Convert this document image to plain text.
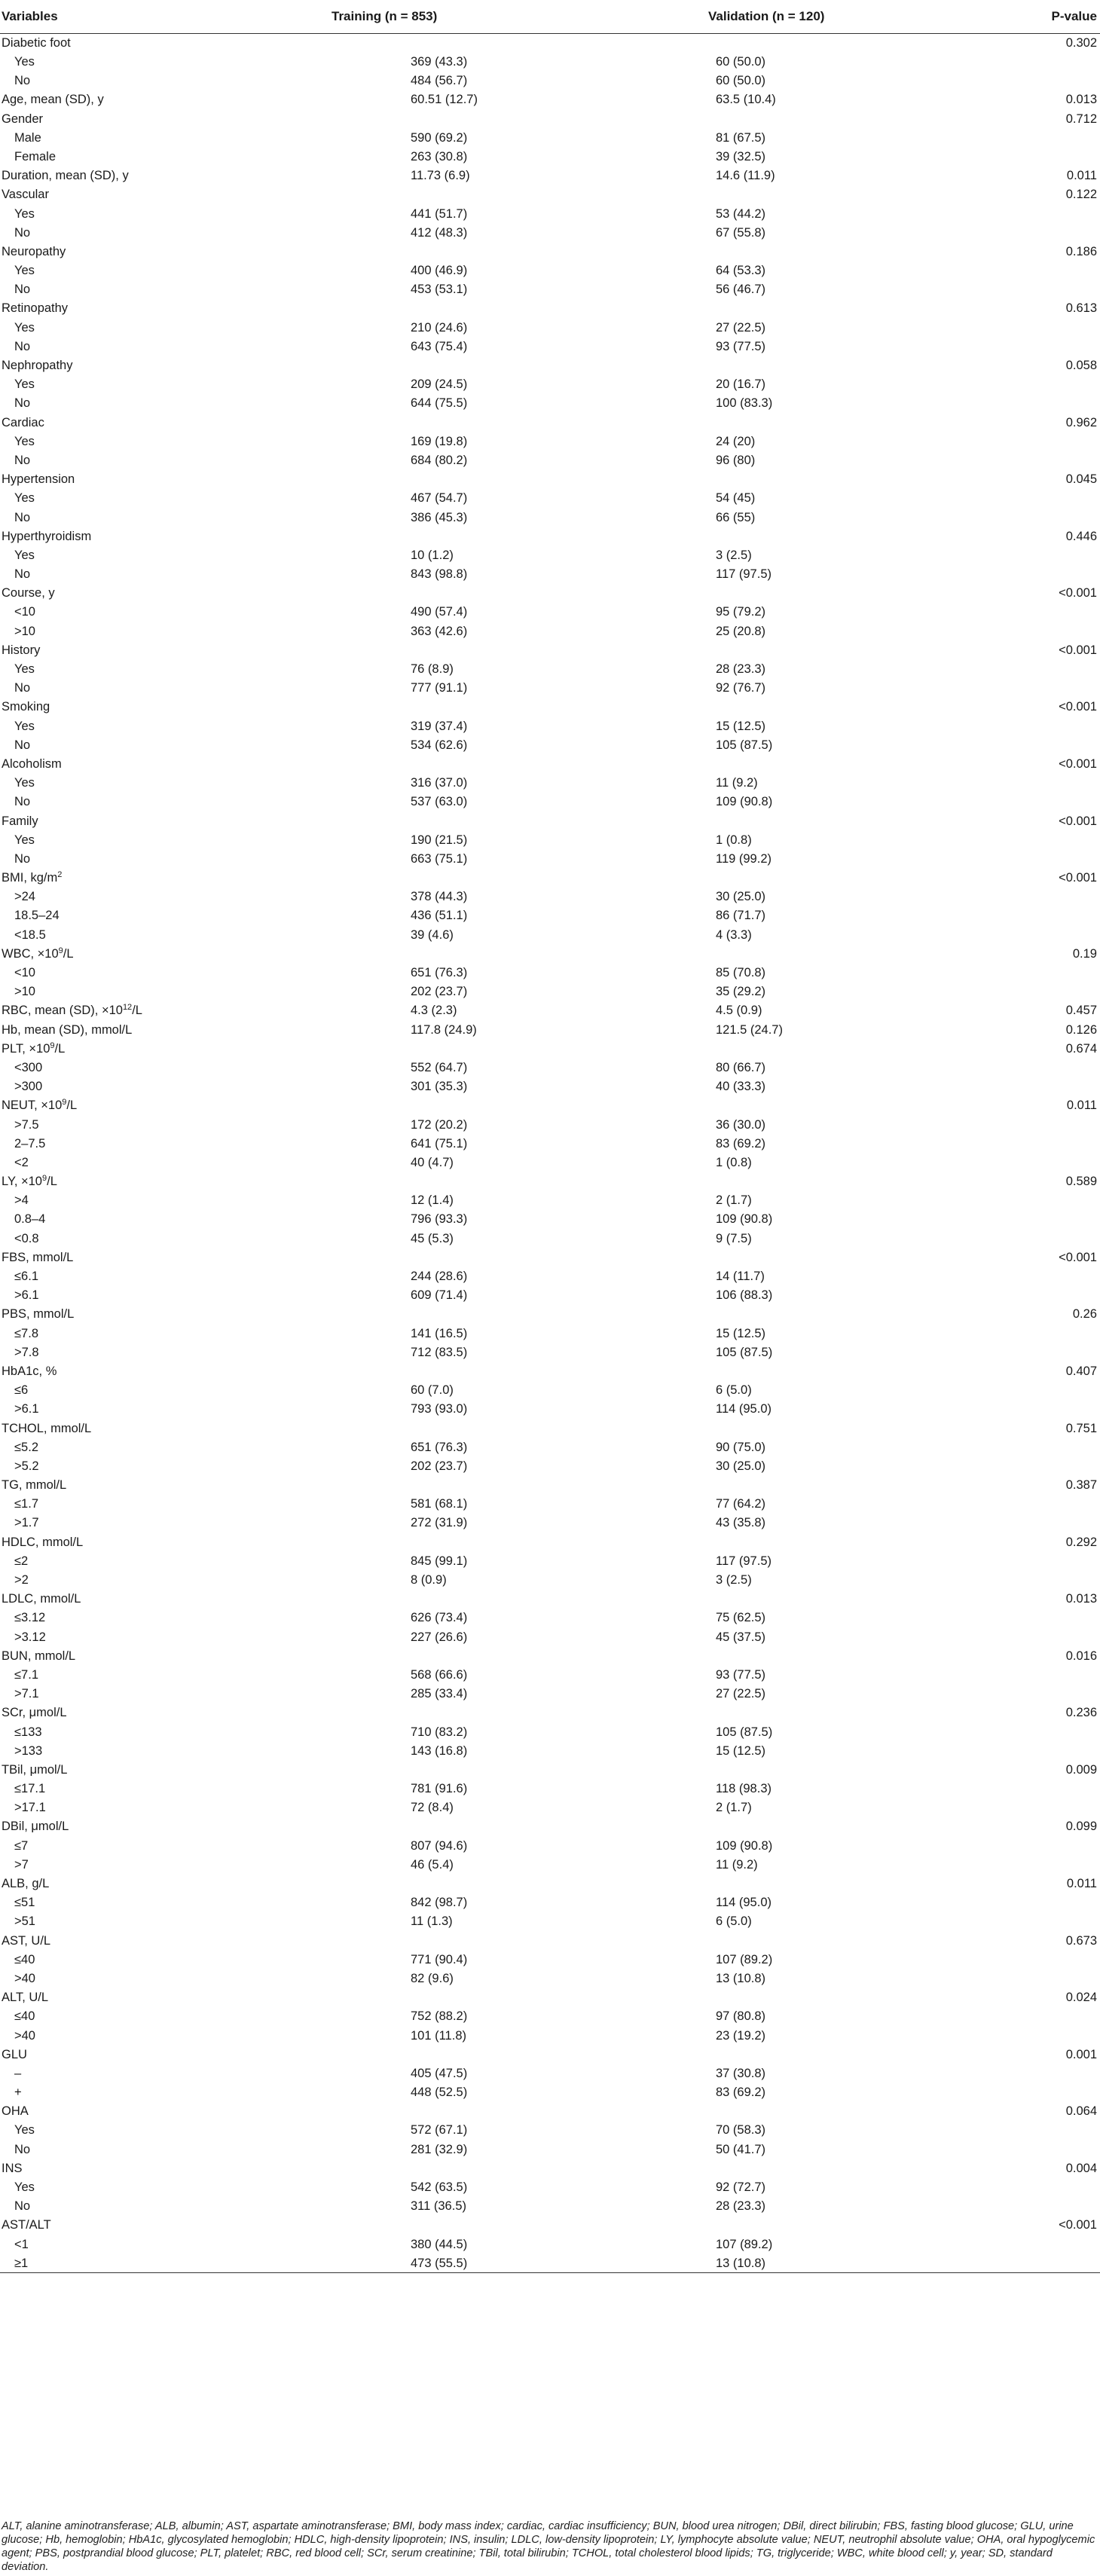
Variables	Training (n = 853)	Validation (n = 120)	P-value
Diabetic foot			0.302
Yes	369 (43.3)	60 (50.0)	
No	484 (56.7)	60 (50.0)	
Age, mean (SD), y	60.51 (12.7)	63.5 (10.4)	0.013
Gender			0.712
Male	590 (69.2)	81 (67.5)	
Female	263 (30.8)	39 (32.5)	
Duration, mean (SD), y	11.73 (6.9)	14.6 (11.9)	0.011
Vascular			0.122
Yes	441 (51.7)	53 (44.2)	
No	412 (48.3)	67 (55.8)	
Neuropathy			0.186
Yes	400 (46.9)	64 (53.3)	
No	453 (53.1)	56 (46.7)	
Retinopathy			0.613
Yes	210 (24.6)	27 (22.5)	
No	643 (75.4)	93 (77.5)	
Nephropathy			0.058
Yes	209 (24.5)	20 (16.7)	
No	644 (75.5)	100 (83.3)	
Cardiac			0.962
Yes	169 (19.8)	24 (20)	
No	684 (80.2)	96 (80)	
Hypertension			0.045
Yes	467 (54.7)	54 (45)	
No	386 (45.3)	66 (55)	
Hyperthyroidism			0.446
Yes	10 (1.2)	3 (2.5)	
No	843 (98.8)	117 (97.5)	
Course, y			<0.001
<10	490 (57.4)	95 (79.2)	
>10	363 (42.6)	25 (20.8)	
History			<0.001
Yes	76 (8.9)	28 (23.3)	
No	777 (91.1)	92 (76.7)	
Smoking			<0.001
Yes	319 (37.4)	15 (12.5)	
No	534 (62.6)	105 (87.5)	
Alcoholism			<0.001
Yes	316 (37.0)	11 (9.2)	
No	537 (63.0)	109 (90.8)	
Family			<0.001
Yes	190 (21.5)	1 (0.8)	
No	663 (75.1)	119 (99.2)	
BMI, $kg/m^2$			<0.001
>24	378 (44.3)	30 (25.0)	
18.5–24	436 (51.1)	86 (71.7)	
<18.5	39 (4.6)	4 (3.3)	
WBC, $\times 10^9/L$			0.19
<10	651 (76.3)	85 (70.8)	
>10	202 (23.7)	35 (29.2)	
RBC, mean (SD), $\times 10^{12}/L$	4.3 (2.3)	4.5 (0.9)	0.457
Hb, mean (SD), mmol/L	117.8 (24.9)	121.5 (24.7)	0.126
PLT, $\times 10^9/L$			0.674
<300	552 (64.7)	80 (66.7)	
>300	301 (35.3)	40 (33.3)	
NEUT, $\times 10^9/L$			0.011
>7.5	172 (20.2)	36 (30.0)	
2–7.5	641 (75.1)	83 (69.2)	
<2	40 (4.7)	1 (0.8)	
LY, $\times 10^9/L$			0.589
>4	12 (1.4)	2 (1.7)	
0.8–4	796 (93.3)	109 (90.8)	
<0.8	45 (5.3)	9 (7.5)	
FBS, mmol/L			<0.001
≤6.1	244 (28.6)	14 (11.7)	
>6.1	609 (71.4)	106 (88.3)	
PBS, mmol/L			0.26
≤7.8	141 (16.5)	15 (12.5)	
>7.8	712 (83.5)	105 (87.5)	
HbA1c, %			0.407
≤6	60 (7.0)	6 (5.0)	
>6.1	793 (93.0)	114 (95.0)	
TCHOL, mmol/L			0.751
≤5.2	651 (76.3)	90 (75.0)	
>5.2	202 (23.7)	30 (25.0)	
TG, mmol/L			0.387
≤1.7	581 (68.1)	77 (64.2)	
>1.7	272 (31.9)	43 (35.8)	
HDLC, mmol/L			0.292
≤2	845 (99.1)	117 (97.5)	
>2	8 (0.9)	3 (2.5)	
LDLC, mmol/L			0.013
≤3.12	626 (73.4)	75 (62.5)	
>3.12	227 (26.6)	45 (37.5)	
BUN, mmol/L			0.016
≤7.1	568 (66.6)	93 (77.5)	
>7.1	285 (33.4)	27 (22.5)	
SCr, μmol/L			0.236
≤133	710 (83.2)	105 (87.5)	
>133	143 (16.8)	15 (12.5)	
TBil, μmol/L			0.009
≤17.1	781 (91.6)	118 (98.3)	
>17.1	72 (8.4)	2 (1.7)	
DBil, μmol/L			0.099
≤7	807 (94.6)	109 (90.8)	
>7	46 (5.4)	11 (9.2)	
ALB, g/L			0.011
≤51	842 (98.7)	114 (95.0)	
>51	11 (1.3)	6 (5.0)	
AST, U/L			0.673
≤40	771 (90.4)	107 (89.2)	
>40	82 (9.6)	13 (10.8)	
ALT, U/L			0.024
≤40	752 (88.2)	97 (80.8)	
>40	101 (11.8)	23 (19.2)	
GLU			0.001
–	405 (47.5)	37 (30.8)	
+	448 (52.5)	83 (69.2)	
OHA			0.064
Yes	572 (67.1)	70 (58.3)	
No	281 (32.9)	50 (41.7)	
INS			0.004
Yes	542 (63.5)	92 (72.7)	
No	311 (36.5)	28 (23.3)	
AST/ALT			<0.001
<1	380 (44.5)	107 (89.2)	
≥1	473 (55.5)	13 (10.8)	
ALT, alanine aminotransferase; ALB, albumin; AST, aspartate aminotransferase; BMI, body mass index; cardiac, cardiac insufficiency; BUN, blood urea nitrogen; DBil, direct bilirubin; FBS, fasting blood glucose; GLU, urine glucose; Hb, hemoglobin; HbA1c, glycosylated hemoglobin; HDLC, high-density lipoprotein; INS, insulin; LDLC, low-density lipoprotein; LY, lymphocyte absolute value; NEUT, neutrophil absolute value; OHA, oral hypoglycemic agent; PBS, postprandial blood glucose; PLT, platelet; RBC, red blood cell; SCr, serum creatinine; TBil, total bilirubin; TCHOL, total cholesterol blood lipids; TG, triglyceride; WBC, white blood cell; y, year; SD, standard deviation.
